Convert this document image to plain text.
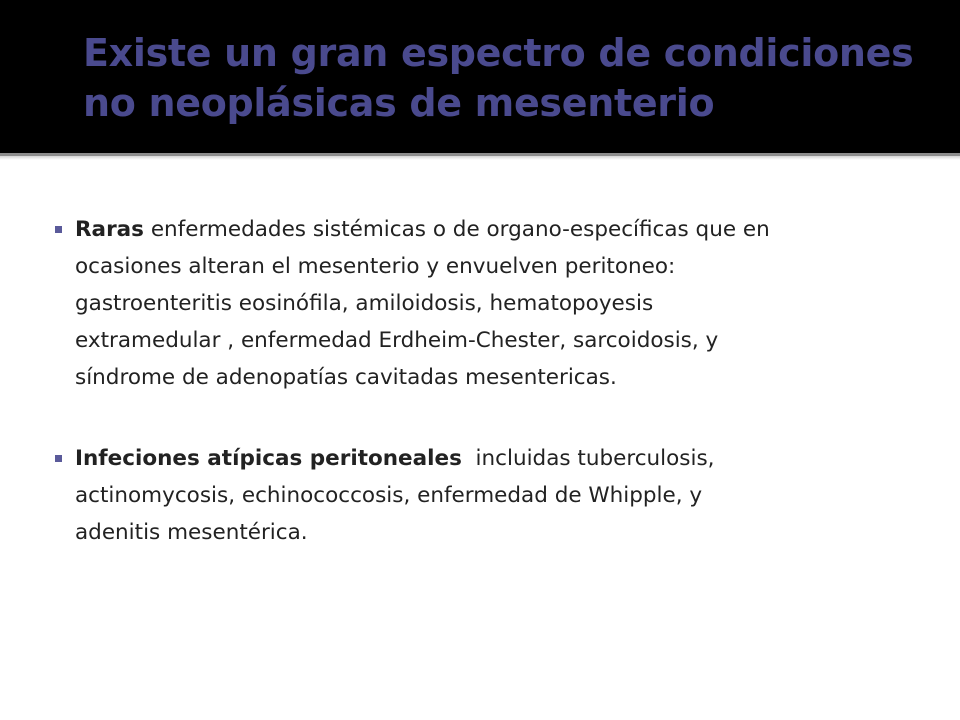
Existe un gran espectro de condiciones
no neoplásicas de mesenterio
Raras enfermedades sistémicas o de organo-específicas que en
ocasiones alteran el mesenterio y envuelven peritoneo:
gastroenteritis eosinófila, amiloidosis, hematopoyesis
extramedular , enfermedad Erdheim-Chester, sarcoidosis, y
síndrome de adenopatías cavitadas mesentericas.
Infeciones atípicas peritoneales  incluidas tuberculosis,
actinomycosis, echinococcosis, enfermedad de Whipple, y
adenitis mesentérica.
